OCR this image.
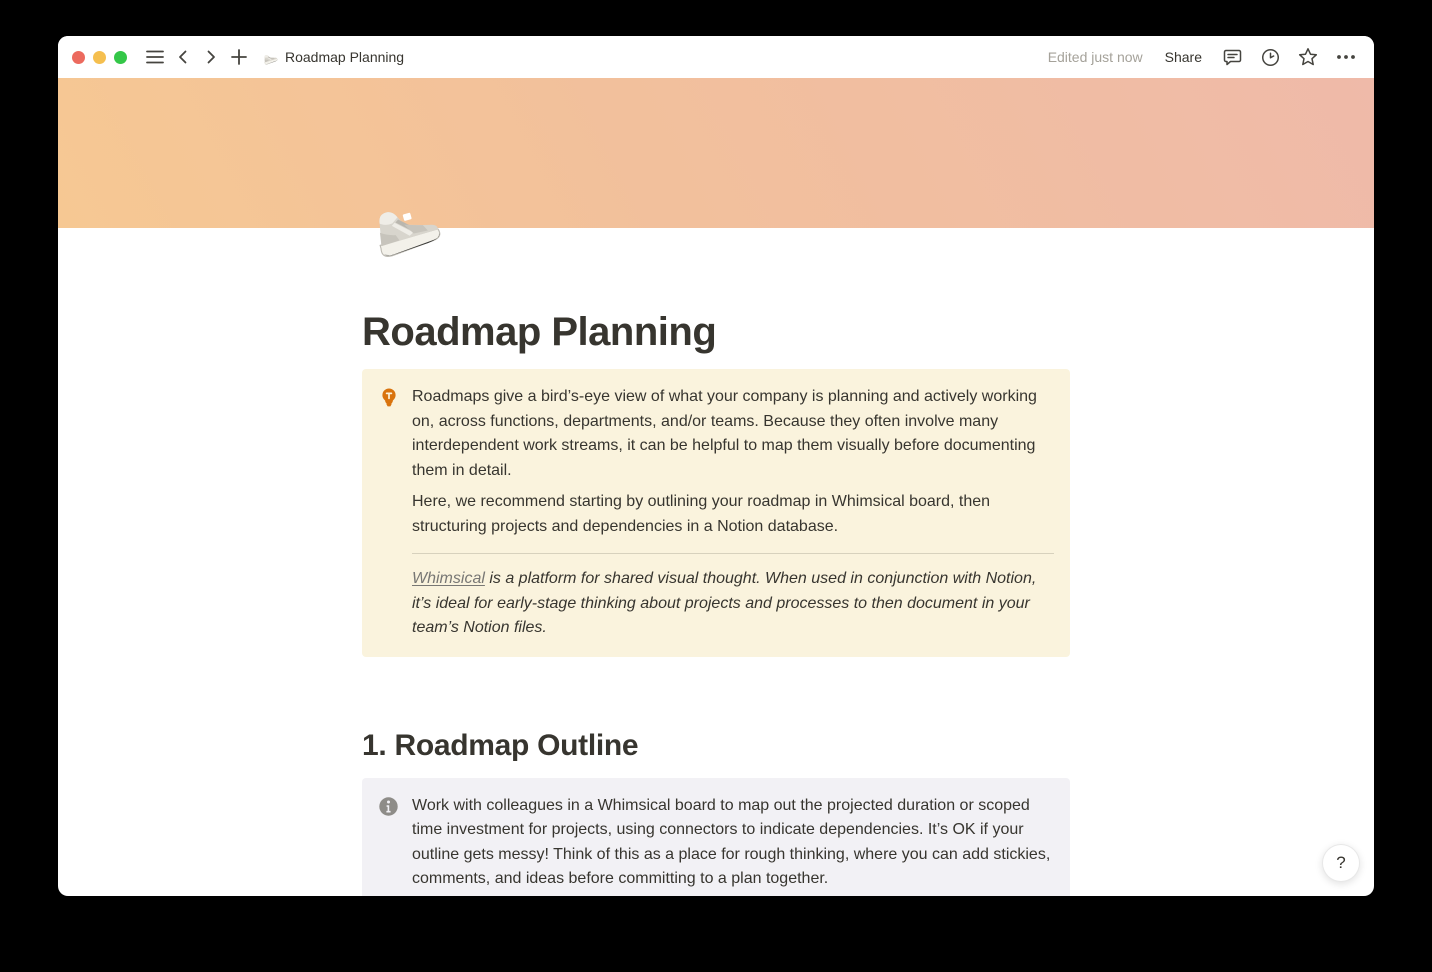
Roadmap Planning	Edited just now	Share
Roadmap Planning

Roadmaps give a bird’s-eye view of what your company is planning and actively working on, across functions, departments, and/or teams. Because they often involve many interdependent work streams, it can be helpful to map them visually before documenting them in detail.

Here, we recommend starting by outlining your roadmap in Whimsical board, then structuring projects and dependencies in a Notion database.

Whimsical is a platform for shared visual thought. When used in conjunction with Notion, it’s ideal for early-stage thinking about projects and processes to then document in your team’s Notion files.

1. Roadmap Outline

Work with colleagues in a Whimsical board to map out the projected duration or scoped time investment for projects, using connectors to indicate dependencies. It’s OK if your outline gets messy! Think of this as a place for rough thinking, where you can add stickies, comments, and ideas before committing to a plan together.

?
